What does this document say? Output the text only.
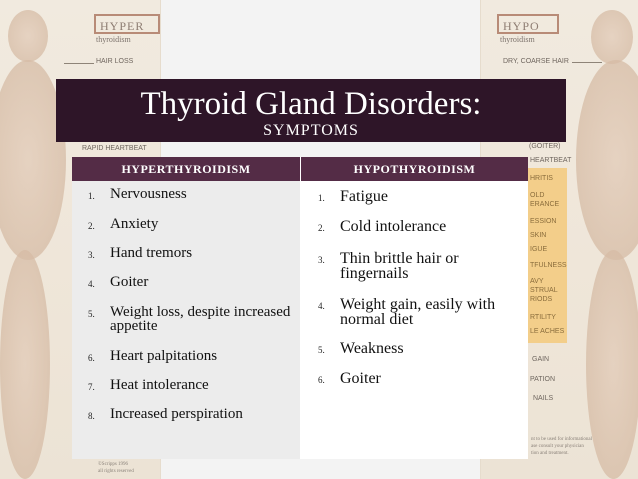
HYPER
thyroidism
HAIR LOSS
RAPID HEARTBEAT
©Scripps 1996
all rights reserved
HYPO
thyroidism
DRY, COARSE HAIR
(GOITER)
HEARTBEAT
HRITIS
OLD
ERANCE
ESSION
SKIN
IGUE
TFULNESS
AVY
STRUAL
RIODS
RTILITY
LE ACHES
GAIN
PATION
NAILS
nt to be used for informational
ase consult your physician
tion and treatment.
Thyroid Gland Disorders:
SYMPTOMS
HYPERTHYROIDISM
1. Nervousness
2. Anxiety
3. Hand tremors
4. Goiter
5. Weight loss, despite increased appetite
6. Heart palpitations
7. Heat intolerance
8. Increased perspiration
HYPOTHYROIDISM
1. Fatigue
2. Cold intolerance
3. Thin brittle hair or fingernails
4. Weight gain, easily with normal diet
5. Weakness
6. Goiter
